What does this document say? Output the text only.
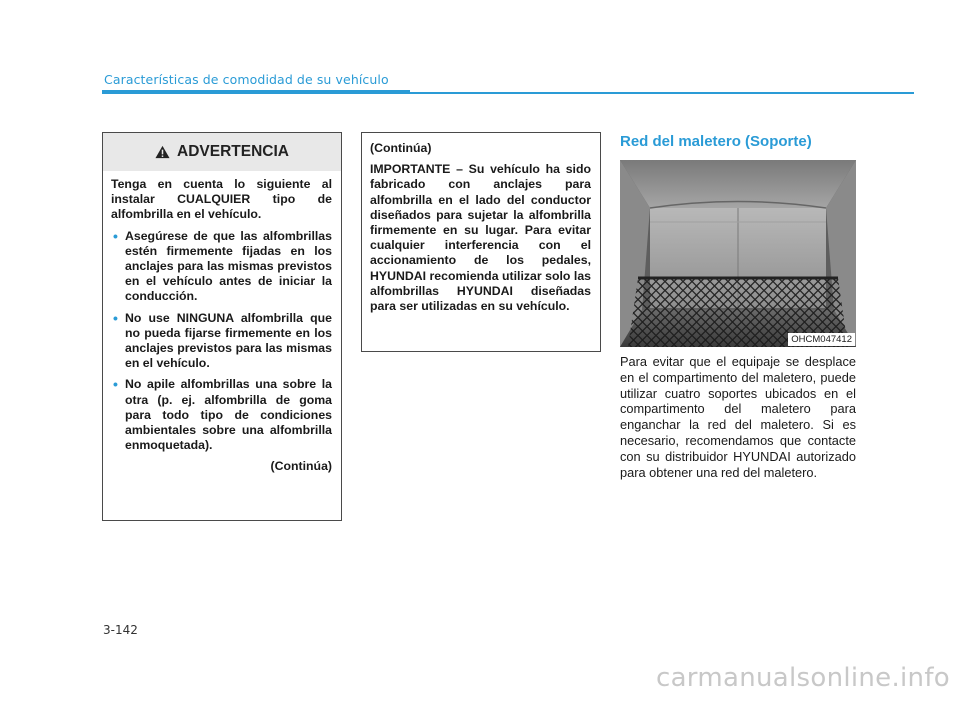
Características de comodidad de su vehículo
ADVERTENCIA

Tenga en cuenta lo siguiente al instalar CUALQUIER tipo de alfombrilla en el vehículo.

• Asegúrese de que las alfombrillas estén firmemente fijadas en los anclajes para las mismas previstos en el vehículo antes de iniciar la conducción.
• No use NINGUNA alfombrilla que no pueda fijarse firmemente en los anclajes previstos para las mismas en el vehículo.
• No apile alfombrillas una sobre la otra (p. ej. alfombrilla de goma para todo tipo de condiciones ambientales sobre una alfombrilla enmoquetada).
(Continúa)

(Continúa)

IMPORTANTE – Su vehículo ha sido fabricado con anclajes para alfombrilla en el lado del conductor diseñados para sujetar la alfombrilla firmemente en su lugar. Para evitar cualquier interferencia con el accionamiento de los pedales, HYUNDAI recomienda utilizar solo las alfombrillas HYUNDAI diseñadas para ser utilizadas en su vehículo.

Red del maletero (Soporte)
OHCM047412
Para evitar que el equipaje se desplace en el compartimento del maletero, puede utilizar cuatro soportes ubicados en el compartimento del maletero para enganchar la red del maletero. Si es necesario, recomendamos que contacte con su distribuidor HYUNDAI autorizado para obtener una red del maletero.
3-142
carmanualsonline.info
